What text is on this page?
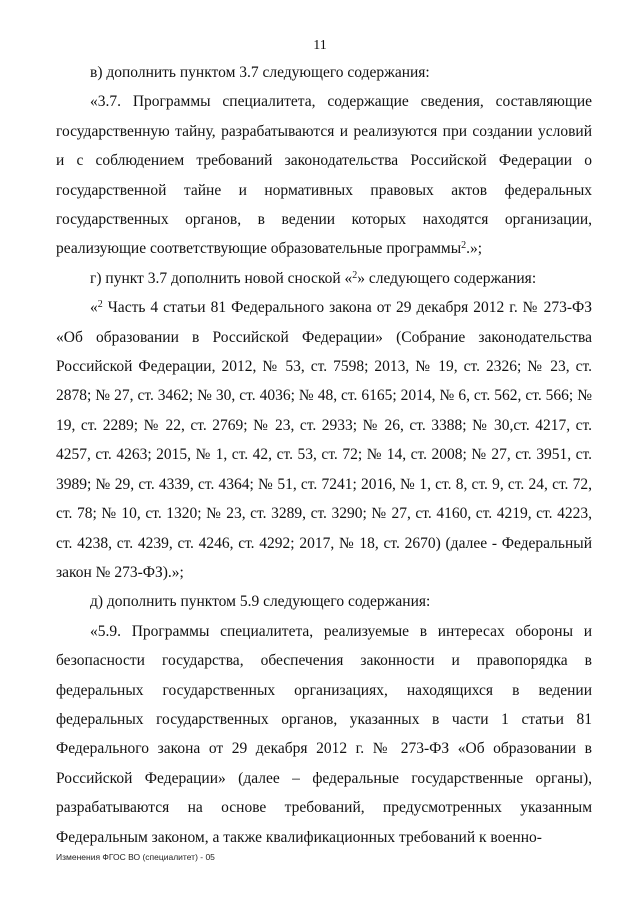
11

в) дополнить пунктом 3.7 следующего содержания:

«3.7. Программы специалитета, содержащие сведения, составляющие государственную тайну, разрабатываются и реализуются при создании условий и с соблюдением требований законодательства Российской Федерации о государственной тайне и нормативных правовых актов федеральных государственных органов, в ведении которых находятся организации, реализующие соответствующие образовательные программы$^2$.»;

г) пункт 3.7 дополнить новой сноской «$^2$» следующего содержания:

«$^2$ Часть 4 статьи 81 Федерального закона от 29 декабря 2012 г. № 273-ФЗ «Об образовании в Российской Федерации» (Собрание законодательства Российской Федерации, 2012, № 53, ст. 7598; 2013, № 19, ст. 2326; № 23, ст. 2878; № 27, ст. 3462; № 30, ст. 4036; № 48, ст. 6165; 2014, № 6, ст. 562, ст. 566; № 19, ст. 2289; № 22, ст. 2769; № 23, ст. 2933; № 26, ст. 3388; № 30,ст. 4217, ст. 4257, ст. 4263; 2015, № 1, ст. 42, ст. 53, ст. 72; № 14, ст. 2008; № 27, ст. 3951, ст. 3989; № 29, ст. 4339, ст. 4364; № 51, ст. 7241; 2016, № 1, ст. 8, ст. 9, ст. 24, ст. 72, ст. 78; № 10, ст. 1320; № 23, ст. 3289, ст. 3290; № 27, ст. 4160, ст. 4219, ст. 4223, ст. 4238, ст. 4239, ст. 4246, ст. 4292; 2017, № 18, ст. 2670) (далее - Федеральный закон № 273-ФЗ).»;

д) дополнить пунктом 5.9 следующего содержания:

«5.9. Программы специалитета, реализуемые в интересах обороны и безопасности государства, обеспечения законности и правопорядка в федеральных государственных организациях, находящихся в ведении федеральных государственных органов, указанных в части 1 статьи 81 Федерального закона от 29 декабря 2012 г. № 273-ФЗ «Об образовании в Российской Федерации» (далее – федеральные государственные органы), разрабатываются на основе требований, предусмотренных указанным Федеральным законом, а также квалификационных требований к военно-

Изменения ФГОС ВО (специалитет) - 05
